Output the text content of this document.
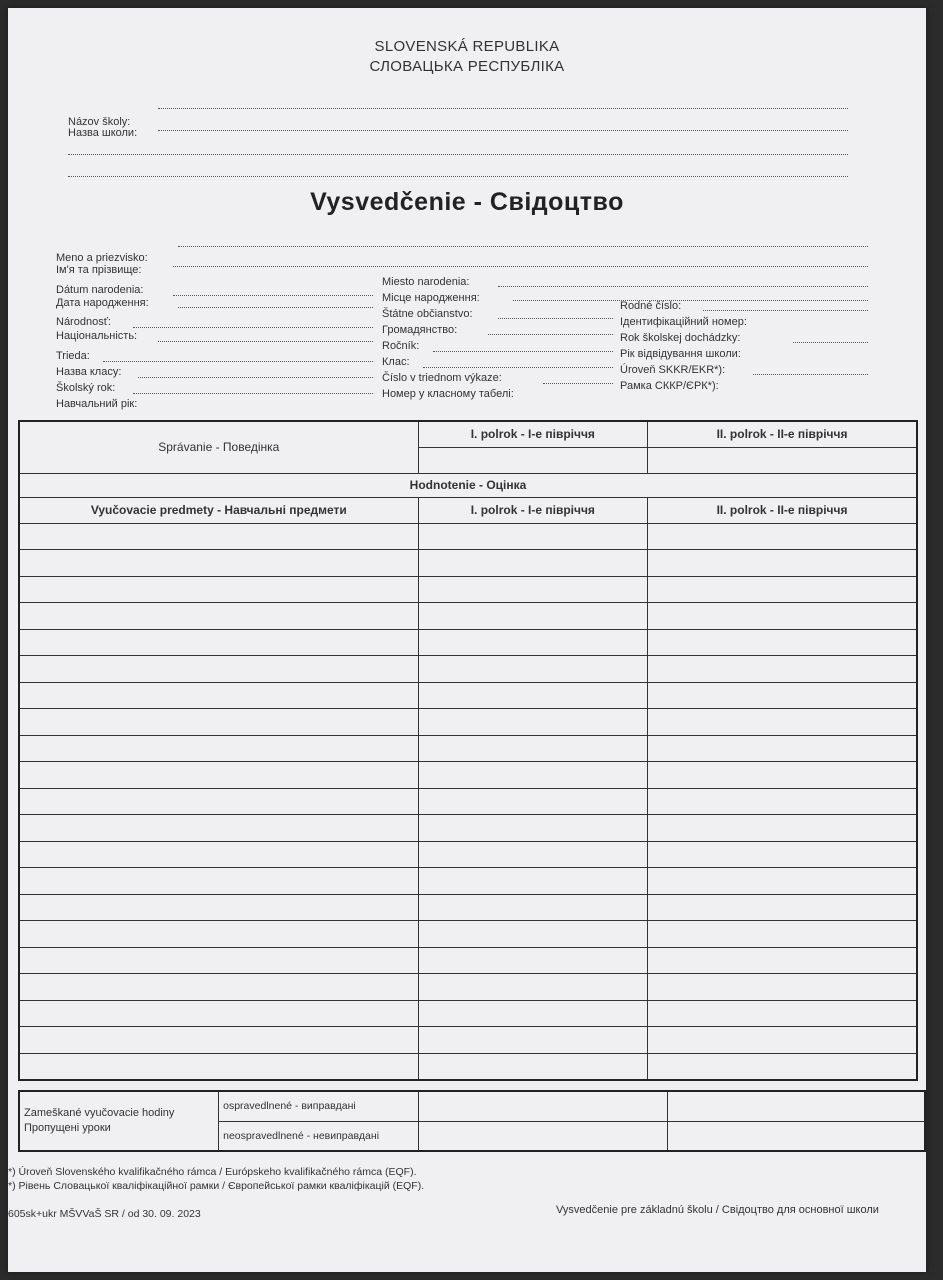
SLOVENSKÁ REPUBLIKA
СЛОВАЦЬКА РЕСПУБЛІКА
Názov školy:
Назва школи:
Vysvedčenie - Свідоцтво
Meno a priezvisko:
Ім'я та прізвище:
Dátum narodenia:
Дата народження:
Miesto narodenia:
Місце народження:
Národnosť:
Національність:
Štátne občianstvo:
Громадянство:
Rodné číslo:
Ідентифікаційний номер:
Trieda:
Назва класу:
Ročník:
Клас:
Rok školskej dochádzky:
Рік відвідування школи:
Školský rok:
Навчальний рік:
Číslo v triednom výkaze:
Номер у класному табелі:
Úroveň SKKR/EKR*):
Рамка СККР/ЄРК*):
Správanie - Поведінка	I. polrok - I-e півріччя	II. polrok - II-e півріччя

Hodnotenie - Оцінка		
Vyučovacie predmety - Навчальні предмети	I. polrok - I-e півріччя	II. polrok - II-e півріччя

Zameškané vyučovacie hodiny
Пропущені уроки	ospravedlnené - виправдані		
	neospravedlnené - невиправдані		
*) Úroveň Slovenského kvalifikačného rámca / Európskeho kvalifikačného rámca (EQF).
*) Рівень Словацької кваліфікаційної рамки / Європейської рамки кваліфікацій (EQF).
605sk+ukr MŠVVaŠ SR / od 30. 09. 2023	Vysvedčenie pre základnú školu / Свідоцтво для основної школи
